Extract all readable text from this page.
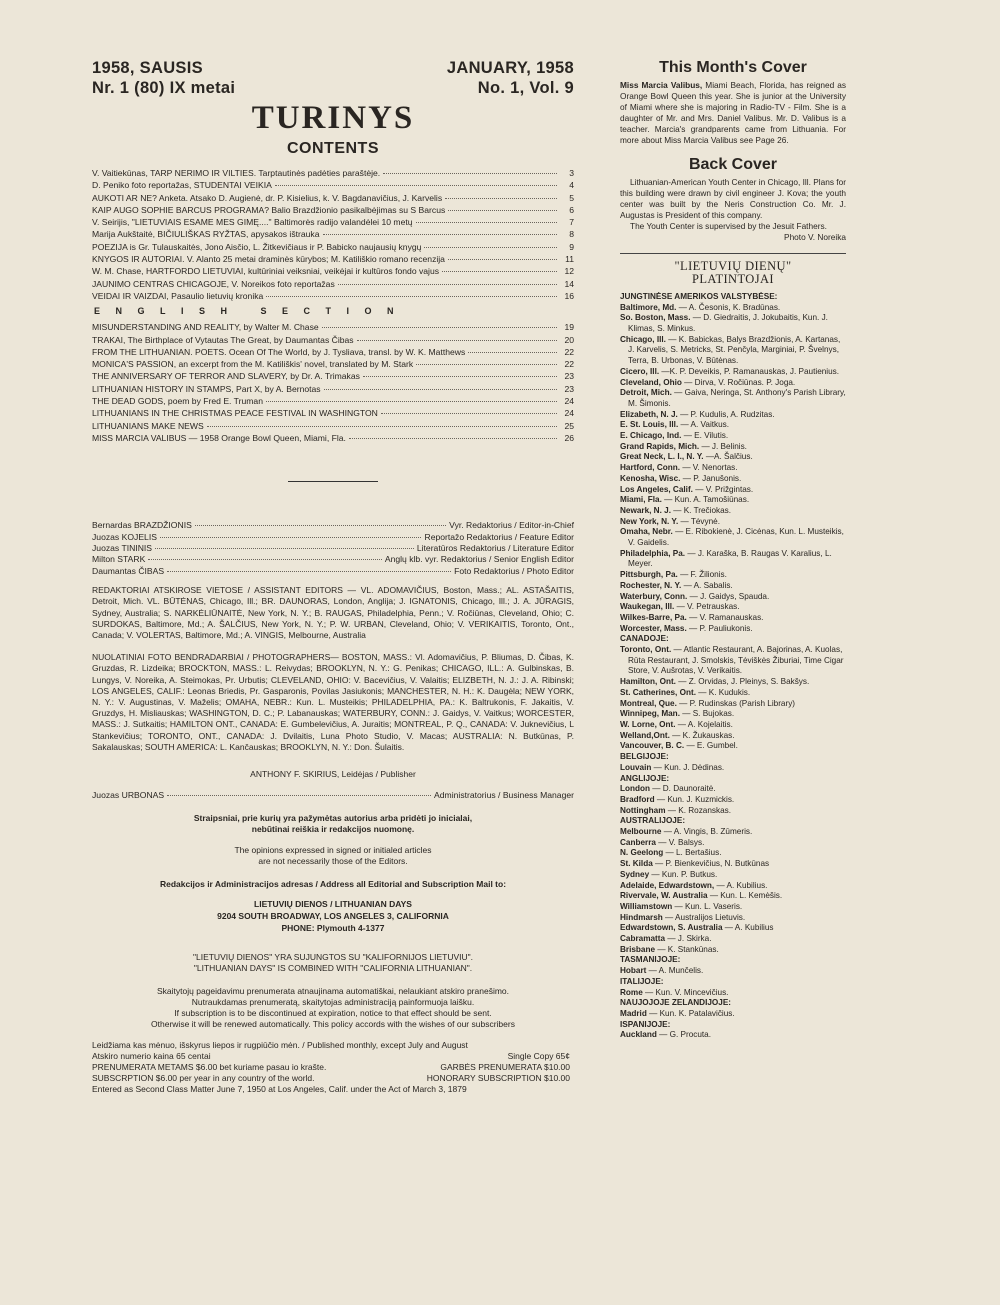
1958, SAUSIS	JANUARY, 1958
Nr. 1 (80) IX metai	No. 1, Vol. 9
TURINYS
CONTENTS
V. Vaitiekūnas, TARP NERIMO IR VILTIES. Tarptautinės padėties paraštėje.	3
D. Peniko foto reportažas, STUDENTAI VEIKIA	4
AUKOTI AR NE? Anketa. Atsako D. Augienė, dr. P. Kisielius, k. V. Bagdanavičius, J. Karvelis	5
KAIP AUGO SOPHIE BARCUS PROGRAMA? Balio Brazdžionio pasikalbėjimas su S Barcus	6
V. Seirijis, "LIETUVIAIS ESAME MES GIMĘ...." Baltimorės radijo valandėlei 10 metų	7
Marija Aukštaitė, BIČIULIŠKAS RYŽTAS, apysakos ištrauka	8
POEZIJA is Gr. Tulauskaitės, Jono Aisčio, L. Žitkevičiaus ir P. Babicko naujausių knygų	9
KNYGOS IR AUTORIAI. V. Alanto 25 metai draminės kūrybos; M. Katiliškio romano recenzija	11
W. M. Chase, HARTFORDO LIETUVIAI, kultūriniai veiksniai, veikėjai ir kultūros fondo vajus	12
JAUNIMO CENTRAS CHICAGOJE, V. Noreikos foto reportažas	14
VEIDAI IR VAIZDAI, Pasaulio lietuvių kronika	16
ENGLISH SECTION
MISUNDERSTANDING AND REALITY, by Walter M. Chase	19
TRAKAI, The Birthplace of Vytautas The Great, by Daumantas Čibas	20
FROM THE LITHUANIAN. POETS. Ocean Of The World, by J. Tysliava, transl. by W. K. Matthews	22
MONICA'S PASSION, an excerpt from the M. Katiliškis' novel, translated by M. Stark	22
THE ANNIVERSARY OF TERROR AND SLAVERY, by Dr. A. Trimakas	23
LITHUANIAN HISTORY IN STAMPS, Part X, by A. Bernotas	23
THE DEAD GODS, poem by Fred E. Truman	24
LITHUANIANS IN THE CHRISTMAS PEACE FESTIVAL IN WASHINGTON	24
LITHUANIANS MAKE NEWS	25
MISS MARCIA VALIBUS — 1958 Orange Bowl Queen, Miami, Fla.	26
Bernardas BRAZDŽIONIS	Vyr. Redaktorius / Editor-in-Chief
Juozas KOJELIS	Reportažo Redaktorius / Feature Editor
Juozas TININIS	Literatūros Redaktorius / Literature Editor
Milton STARK	Anglų klb. vyr. Redaktorius / Senior English Editor
Daumantas ČIBAS	Foto Redaktorius / Photo Editor
REDAKTORIAI ATSKIROSE VIETOSE / ASSISTANT EDITORS — VL. ADOMAVIČIUS, Boston, Mass.; AL. ASTAŠAITIS, Detroit, Mich. VL. BŪTĖNAS, Chicago, Ill.; BR. DAUNORAS, London, Anglija; J. IGNATONIS, Chicago, Ill.; J. A. JŪRAGIS, Sydney, Australia; S. NARKĖLIŪNAITĖ, New York, N. Y.; B. RAUGAS, Philadelphia, Penn.; V. Ročiūnas, Cleveland, Ohio; C. SURDOKAS, Baltimore, Md.; A. ŠALČIUS, New York, N. Y.; P. W. URBAN, Cleveland, Ohio; V. VERIKAITIS, Toronto, Ont., Canada; V. VOLERTAS, Baltimore, Md.; A. VINGIS, Melbourne, Australia
NUOLATINIAI FOTO BENDRADARBIAI / PHOTOGRAPHERS— BOSTON, MASS.: Vl. Adomavičius, P. Bliumas, D. Čibas, K. Gruzdas, R. Lizdeika; BROCKTON, MASS.: L. Reivydas; BROOKLYN, N. Y.: G. Penikas; CHICAGO, ILL.: A. Gulbinskas, B. Lungys, V. Noreika, A. Steimokas, Pr. Urbutis; CLEVELAND, OHIO: V. Bacevičius, V. Valaitis; ELIZBETH, N. J.: J. A. Ribinski; LOS ANGELES, CALIF.: Leonas Briedis, Pr. Gasparonis, Povilas Jasiukonis; MANCHESTER, N. H.: K. Daugėla; NEW YORK, N. Y.: V. Augustinas, V. Maželis; OMAHA, NEBR.: Kun. L. Musteikis; PHILADELPHIA, PA.: K. Baltrukonis, F. Jakaitis, V. Gruzdys, H. Misliauskas; WASHINGTON, D. C.; P. Labanauskas; WATERBURY, CONN.: J. Gaidys, V. Vaitkus; WORCESTER, MASS.: J. Sutkaitis; HAMILTON ONT., CANADA: E. Gumbelevičius, A. Juraitis; MONTREAL, P. Q., CANADA: V. Juknevičius, L Stankevičius; TORONTO, ONT., CANADA: J. Dvilaitis, Luna Photo Studio, V. Macas; AUSTRALIA: N. Butkūnas, P. Sakalauskas; SOUTH AMERICA: L. Kančauskas; BROOKLYN, N. Y.: Don. Šulaitis.
ANTHONY F. SKIRIUS, Leidėjas / Publisher
Juozas URBONAS	Administratorius / Business Manager
Straipsniai, prie kurių yra pažymėtas autorius arba pridėti jo inicialai,
nebūtinai reiškia ir redakcijos nuomonę.
The opinions expressed in signed or initialed articles
are not necessarily those of the Editors.
Redakcijos ir Administracijos adresas / Address all Editorial and Subscription Mail to:
LIETUVIŲ DIENOS / LITHUANIAN DAYS
9204 SOUTH BROADWAY, LOS ANGELES 3, CALIFORNIA
PHONE: Plymouth 4-1377
"LIETUVIŲ DIENOS" YRA SUJUNGTOS SU "KALIFORNIJOS LIETUVIU".
"LITHUANIAN DAYS" IS COMBINED WITH "CALIFORNIA LITHUANIAN".
Skaitytojų pageidavimu prenumerata atnaujinama automatiškai, nelaukiant atskiro pranešimo.
Nutraukdamas prenumeratą, skaitytojas administraciją painformuoja laišku.
If subscription is to be discontinued at expiration, notice to that effect should be sent.
Otherwise it will be renewed automatically. This policy accords with the wishes of our subscribers
Leidžiama kas mėnuo, išskyrus liepos ir rugpiūčio mėn. / Published monthly, except July and August
Atskiro numerio kaina 65 centai	Single Copy 65¢
PRENUMERATA METAMS $6.00 bet kuriame pasau io krašte.	GARBĖS PRENUMERATA $10.00
SUBSCRPTION $6.00 per year in any country of the world.	HONORARY SUBSCRIPTION $10.00
Entered as Second Class Matter June 7, 1950 at Los Angeles, Calif. under the Act of March 3, 1879
This Month's Cover
Miss Marcia Valibus, Miami Beach, Florida, has reigned as Orange Bowl Queen this year. She is junior at the University of Miami where she is majoring in Radio-TV - Film. She is a daughter of Mr. and Mrs. Daniel Valibus. Mr. D. Valibus is a teacher. Marcia's grandparents came from Lithuania. For more about Miss Marcia Valibus see Page 26.
Back Cover
Lithuanian-American Youth Center in Chicago, Ill. Plans for this building were drawn by civil engineer J. Kova; the youth center was built by the Neris Construction Co. Mr. J. Augustas is President of this company.
The Youth Center is supervised by the Jesuit Fathers.
Photo V. Noreika
"LIETUVIŲ DIENŲ"
PLATINTOJAI
JUNGTINĖSE AMERIKOS VALSTYBĖSE:
Baltimore, Md. — A. Česonis, K. Bradūnas.
So. Boston, Mass. — D. Giedraitis, J. Jokubaitis, Kun. J. Klimas, S. Minkus.
Chicago, Ill. — K. Babickas, Balys Brazdžionis, A. Kartanas, J. Karvelis, S. Metricks, St. Penčyla, Marginiai, P. Švelnys, Terra, B. Urbonas, V. Būtėnas.
Cicero, Ill. —K. P. Deveikis, P. Ramanauskas, J. Pautienius.
Cleveland, Ohio — Dirva, V. Ročiūnas. P. Joga.
Detroit, Mich. — Gaiva, Neringa, St. Anthony's Parish Library, M. Šimonis.
Elizabeth, N. J. — P. Kudulis, A. Rudzitas.
E. St. Louis, Ill. — A. Vaitkus.
E. Chicago, Ind. — E. Vilutis.
Grand Rapids, Mich. — J. Belinis.
Great Neck, L. I., N. Y. —A. Šalčius.
Hartford, Conn. — V. Nenortas.
Kenosha, Wisc. — P. Janušonis.
Los Angeles, Calif. — V. Prižgintas.
Miami, Fla. — Kun. A. Tamošiūnas.
Newark, N. J. — K. Trečiokas.
New York, N. Y. — Tėvynė.
Omaha, Nebr. — E. Ribokienė, J. Cicėnas, Kun. L. Musteikis, V. Gaidelis.
Philadelphia, Pa. — J. Karaška, B. Raugas V. Karalius, L. Meyer.
Pittsburgh, Pa. — F. Žilionis.
Rochester, N. Y. — A. Sabalis.
Waterbury, Conn. — J. Gaidys, Spauda.
Waukegan, Ill. — V. Petrauskas.
Wilkes-Barre, Pa. — V. Ramanauskas.
Worcester, Mass. — P. Pauliukonis.
CANADOJE:
Toronto, Ont. — Atlantic Restaurant, A. Bajorinas, A. Kuolas, Rūta Restaurant, J. Smolskis, Tėviškės Žiburiai, Time Cigar Store, V. Aušrotas, V. Verikaitis.
Hamilton, Ont. — Z. Orvidas, J. Pleinys, S. Bakšys.
St. Catherines, Ont. — K. Kudukis.
Montreal, Que. — P. Rudinskas (Parish Library)
Winnipeg, Man. — S. Bujokas.
W. Lorne, Ont. — A. Kojelaitis.
Welland,Ont. — K. Žukauskas.
Vancouver, B. C. — E. Gumbel.
BELGIJOJE:
Louvain — Kun. J. Dėdinas.
ANGLIJOJE:
London — D. Daunoraitė.
Bradford — Kun. J. Kuzmickis.
Nottingham — K. Rozanskas.
AUSTRALIJOJE:
Melbourne — A. Vingis, B. Zūmeris.
Canberra — V. Balsys.
N. Geelong — L. Bertašius.
St. Kilda — P. Bienkevičius, N. Butkūnas
Sydney — Kun. P. Butkus.
Adelaide, Edwardstown, — A. Kubilius.
Rivervale, W. Australia — Kun. L. Kemėšis.
Williamstown — Kun. L. Vaseris.
Hindmarsh — Australijos Lietuvis.
Edwardstown, S. Australia — A. Kubilius
Cabramatta — J. Skirka.
Brisbane — K. Stankūnas.
TASMANIJOJE:
Hobart — A. Munčelis.
ITALIJOJE:
Rome — Kun. V. Mincevičius.
NAUJOJOJE ZELANDIJOJE:
Madrid — Kun. K. Patalavičius.
ISPANIJOJE:
Auckland — G. Procuta.
